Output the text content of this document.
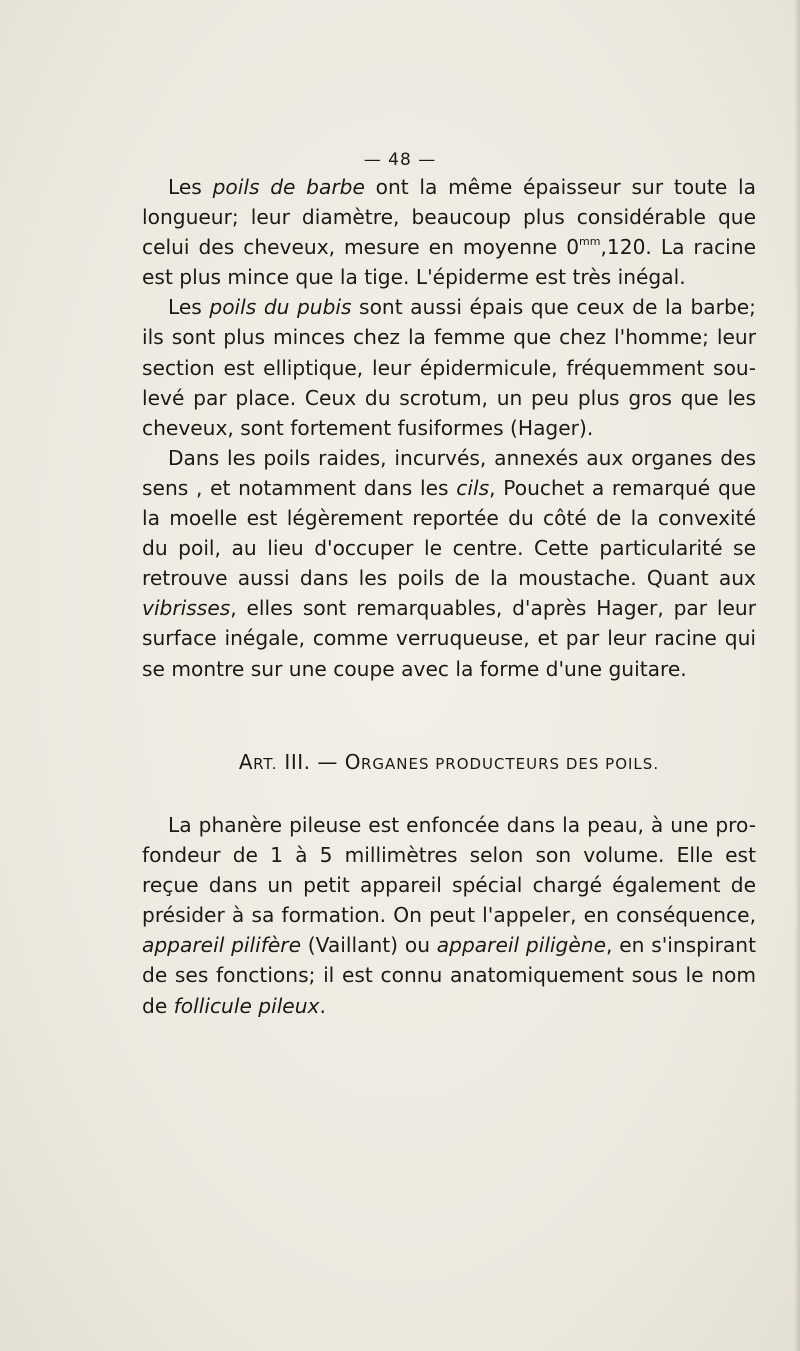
— 48 —

Les poils de barbe ont la même épaisseur sur toute la longueur; leur diamètre, beaucoup plus considérable que celui des cheveux, mesure en moyenne $0^{mm},120$. La racine est plus mince que la tige. L'épiderme est très inégal.

Les poils du pubis sont aussi épais que ceux de la barbe; ils sont plus minces chez la femme que chez l'homme; leur section est elliptique, leur épidermicule, fréquemment sou-levé par place. Ceux du scrotum, un peu plus gros que les cheveux, sont fortement fusiformes (Hager).

Dans les poils raides, incurvés, annexés aux organes des sens , et notamment dans les cils, Pouchet a remarqué que la moelle est légèrement reportée du côté de la convexité du poil, au lieu d'occuper le centre. Cette particularité se retrouve aussi dans les poils de la moustache. Quant aux vibrisses, elles sont remarquables, d'après Hager, par leur surface inégale, comme verruqueuse, et par leur racine qui se montre sur une coupe avec la forme d'une guitare.

ART. III. — ORGANES PRODUCTEURS DES POILS.

La phanère pileuse est enfoncée dans la peau, à une pro-fondeur de 1 à 5 millimètres selon son volume. Elle est reçue dans un petit appareil spécial chargé également de présider à sa formation. On peut l'appeler, en conséquence, appareil pilifère (Vaillant) ou appareil piligène, en s'inspirant de ses fonctions; il est connu anatomiquement sous le nom de follicule pileux.
